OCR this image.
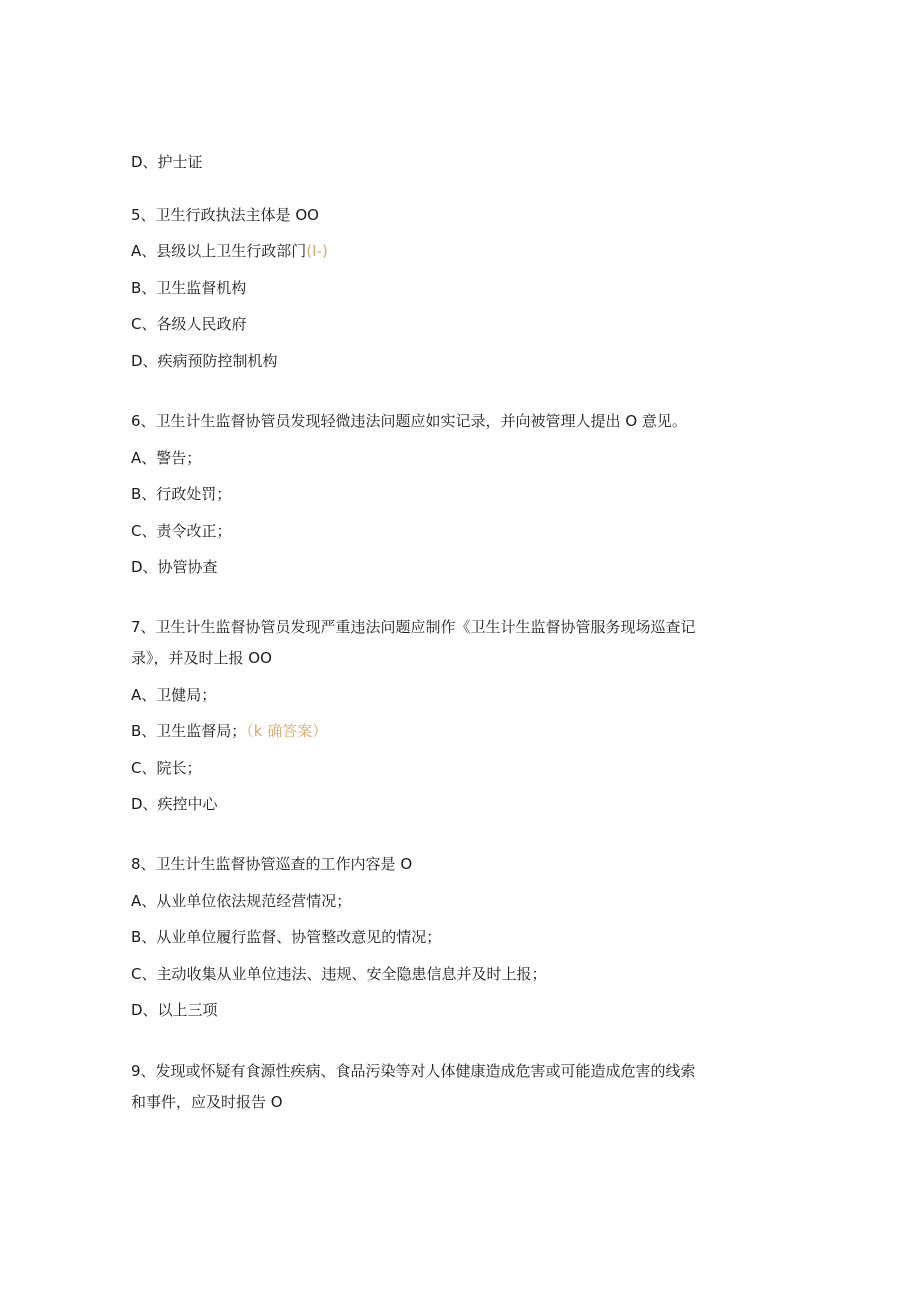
D、护士证
5、卫生行政执法主体是 OO
A、县级以上卫生行政部门(I-)
B、卫生监督机构
C、各级人民政府
D、疾病预防控制机构
6、卫生计生监督协管员发现轻微违法问题应如实记录，并向被管理人提出 O 意见。
A、警告；
B、行政处罚；
C、责令改正；
D、协管协查
7、卫生计生监督协管员发现严重违法问题应制作《卫生计生监督协管服务现场巡查记
录》，并及时上报 OO
A、卫健局；
B、卫生监督局；（k 确答案）
C、院长；
D、疾控中心
8、卫生计生监督协管巡查的工作内容是 O
A、从业单位依法规范经营情况；
B、从业单位履行监督、协管整改意见的情况；
C、主动收集从业单位违法、违规、安全隐患信息并及时上报；
D、以上三项
9、发现或怀疑有食源性疾病、食品污染等对人体健康造成危害或可能造成危害的线索
和事件，应及时报告 O
